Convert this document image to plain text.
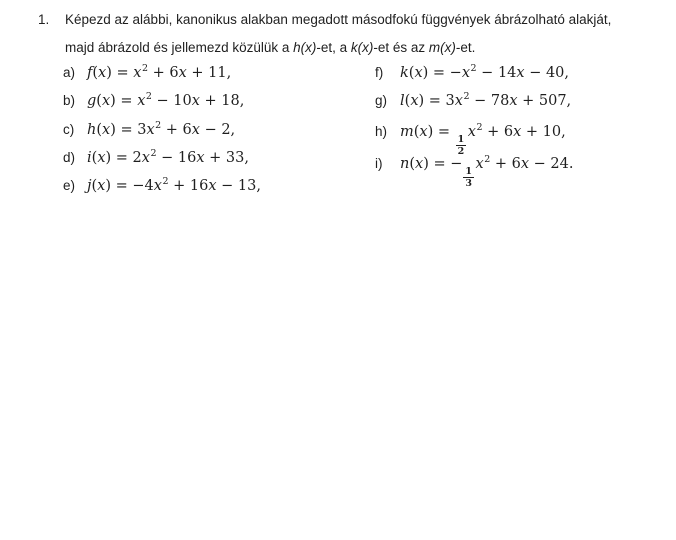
1. Képezd az alábbi, kanonikus alakban megadott másodfokú függvények ábrázolható alakját,
majd ábrázold és jellemezd közülük a h(x)-et, a k(x)-et és az m(x)-et.
a) $f(x) = x^2 + 6x + 11$,
b) $g(x) = x^2 - 10x + 18$,
c) $h(x) = 3x^2 + 6x - 2$,
d) $i(x) = 2x^2 - 16x + 33$,
e) $j(x) = -4x^2 + 16x - 13$,
f) $k(x) = -x^2 - 14x - 40$,
g) $l(x) = 3x^2 - 78x + 507$,
h) m(x) =
$\frac{1}{2}$
$x^2 + 6x + 10$,
i) n(x) = −
$\frac{1}{3}$
$x^2 + 6x - 24$.
